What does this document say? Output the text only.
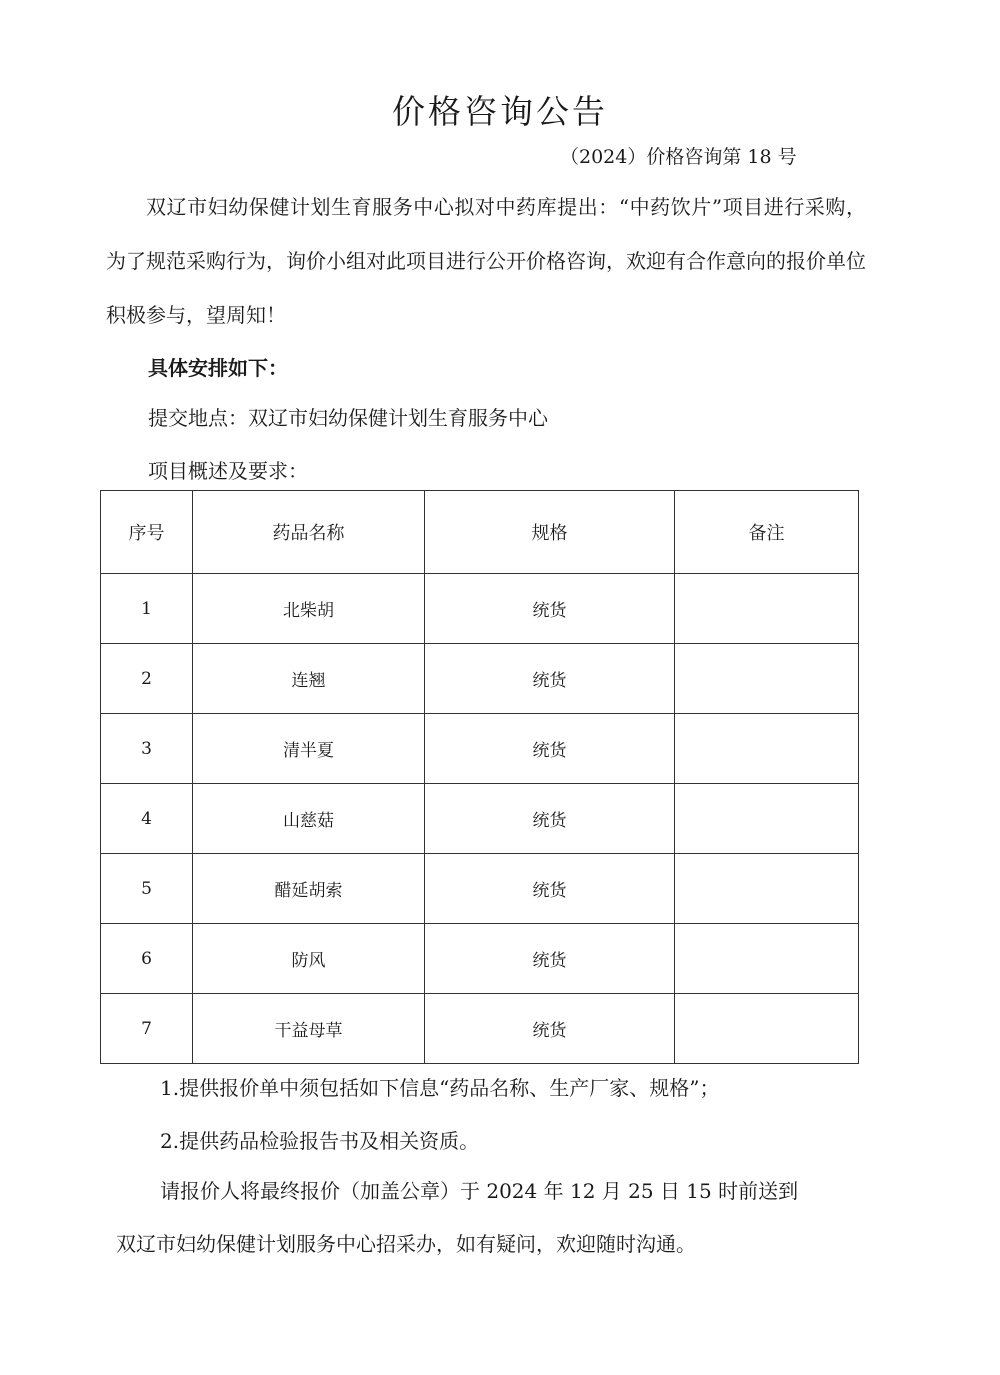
价格咨询公告
（2024）价格咨询第 18 号
双辽市妇幼保健计划生育服务中心拟对中药库提出：“中药饮片”项目进行采购，为了规范采购行为，询价小组对此项目进行公开价格咨询，欢迎有合作意向的报价单位积极参与，望周知！
具体安排如下：
提交地点：双辽市妇幼保健计划生育服务中心
项目概述及要求：
序号	药品名称	规格	备注
1	北柴胡	统货	
2	连翘	统货	
3	清半夏	统货	
4	山慈菇	统货	
5	醋延胡索	统货	
6	防风	统货	
7	干益母草	统货	
1.提供报价单中须包括如下信息“药品名称、生产厂家、规格”；
2.提供药品检验报告书及相关资质。
请报价人将最终报价（加盖公章）于 2024 年 12 月 25 日 15 时前送到
双辽市妇幼保健计划服务中心招采办，如有疑问，欢迎随时沟通。
